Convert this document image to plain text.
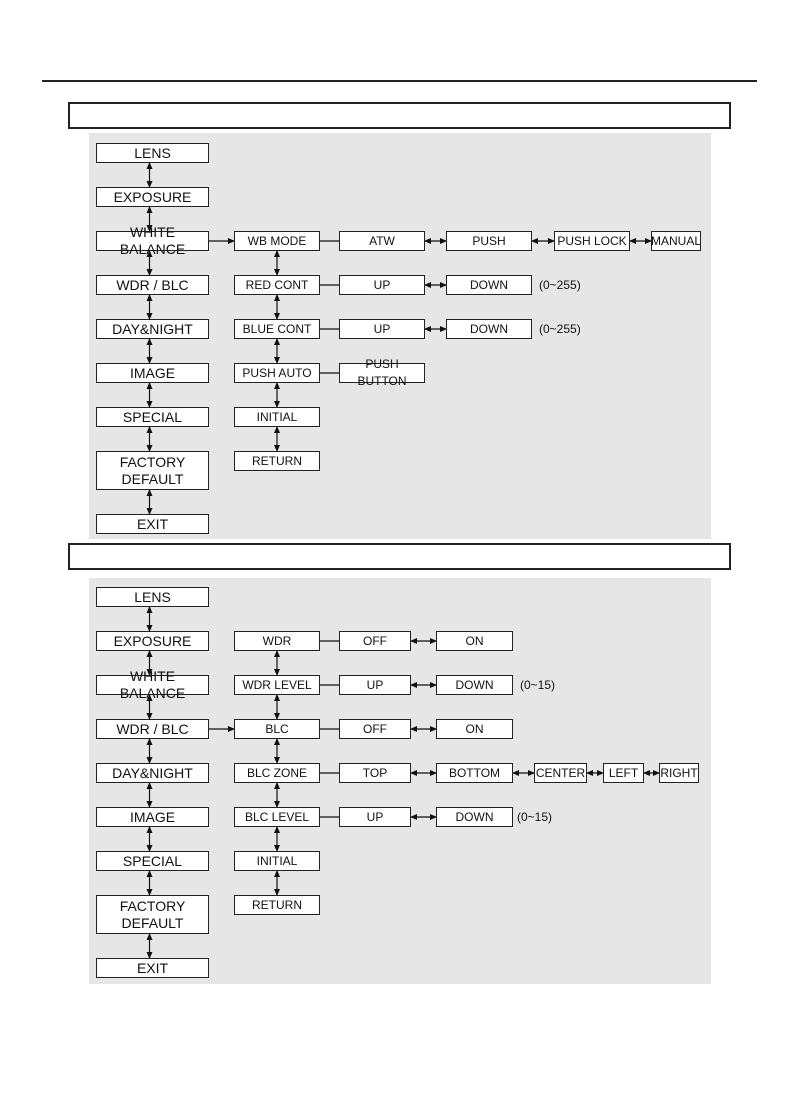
LENS
EXPOSURE
WHITE BALANCE
WDR / BLC
DAY&NIGHT
IMAGE
SPECIAL
FACTORY
DEFAULT
EXIT
WB MODE
RED CONT
BLUE CONT
PUSH AUTO
INITIAL
RETURN
ATW	PUSH	PUSH LOCK MANUAL
UP	DOWN	(0~255)
UP	DOWN	(0~255)
PUSH BUTTON
LENS
EXPOSURE
WHITE BALANCE
WDR / BLC
DAY&NIGHT
IMAGE
SPECIAL
FACTORY
DEFAULT
EXIT
WDR
WDR LEVEL
BLC
BLC ZONE
BLC LEVEL
INITIAL
RETURN
OFF	ON
UP	DOWN	(0~15)
OFF	ON
TOP	BOTTOM	CENTER	LEFT	RIGHT
UP	DOWN	(0~15)
